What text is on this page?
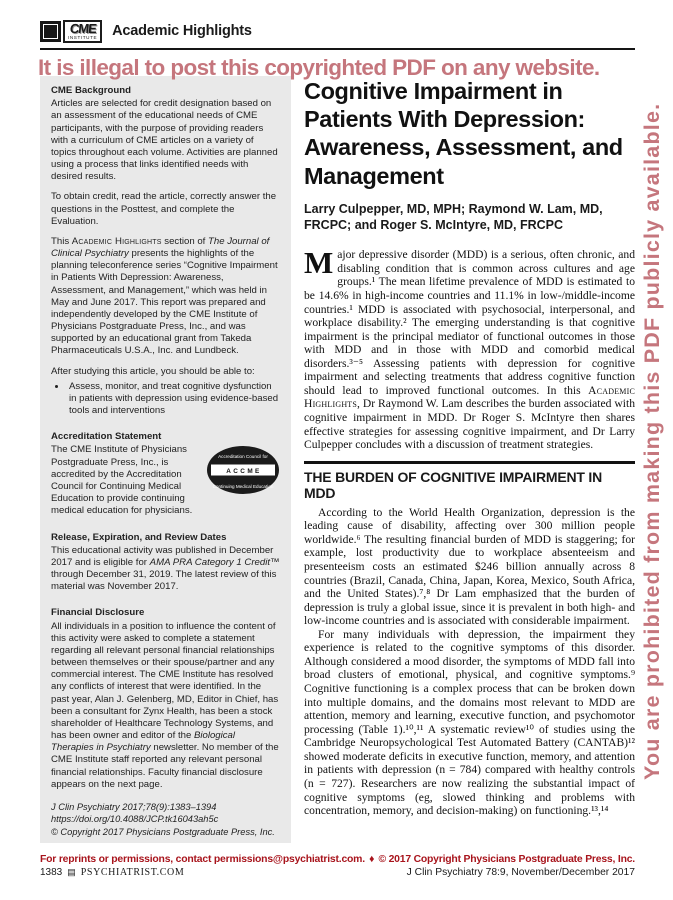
CME
INSTITUTE Academic Highlights
It is illegal to post this copyrighted PDF on any website.
CME Background

Articles are selected for credit designation based on an assessment of the educational needs of CME participants, with the purpose of providing readers with a curriculum of CME articles on a variety of topics throughout each volume. Activities are planned using a process that links identified needs with desired results.

To obtain credit, read the article, correctly answer the questions in the Posttest, and complete the Evaluation.

This Academic Highlights section of The Journal of Clinical Psychiatry presents the highlights of the planning teleconference series “Cognitive Impairment in Patients With Depression: Awareness, Assessment, and Management,” which was held in May and June 2017. This report was prepared and independently developed by the CME Institute of Physicians Postgraduate Press, Inc., and was supported by an educational grant from Takeda Pharmaceuticals U.S.A., Inc. and Lundbeck.

After studying this article, you should be able to:

• Assess, monitor, and treat cognitive dysfunction in patients with depression using evidence-based tools and interventions
Accreditation Statement
Accreditation Council for
ACCME
Continuing Medical Education
The CME Institute of Physicians Postgraduate Press, Inc., is accredited by the Accreditation Council for Continuing Medical Education to provide continuing medical education for physicians.
Release, Expiration, and Review Dates

This educational activity was published in December 2017 and is eligible for AMA PRA Category 1 Credit™ through December 31, 2019. The latest review of this material was November 2017.

Financial Disclosure

All individuals in a position to influence the content of this activity were asked to complete a statement regarding all relevant personal financial relationships between themselves or their spouse/partner and any commercial interest. The CME Institute has resolved any conflicts of interest that were identified. In the past year, Alan J. Gelenberg, MD, Editor in Chief, has been a consultant for Zynx Health, has been a stock shareholder of Healthcare Technology Systems, and has been owner and editor of the Biological Therapies in Psychiatry newsletter. No member of the CME Institute staff reported any relevant personal financial relationships. Faculty financial disclosure appears on the next page.

J Clin Psychiatry 2017;78(9):1383–1394
https://doi.org/10.4088/JCP.tk16043ah5c
© Copyright 2017 Physicians Postgraduate Press, Inc.
Cognitive Impairment in Patients With Depression: Awareness, Assessment, and Management
Larry Culpepper, MD, MPH; Raymond W. Lam, MD, FRCPC; and Roger S. McIntyre, MD, FRCPC

Major depressive disorder (MDD) is a serious, often chronic, and disabling condition that is common across cultures and age groups.¹ The mean lifetime prevalence of MDD is estimated to be 14.6% in high-income countries and 11.1% in low-/middle-income countries.¹ MDD is associated with psychosocial, interpersonal, and workplace disability.² The emerging understanding is that cognitive impairment is the principal mediator of functional outcomes in those with MDD and in those with MDD and comorbid medical disorders.³⁻⁵ Assessing patients with depression for cognitive impairment and selecting treatments that address cognitive function should lead to improved functional outcomes. In this Academic Highlights, Dr Raymond W. Lam describes the burden associated with cognitive impairment in MDD. Dr Roger S. McIntyre then shares effective strategies for assessing cognitive impairment, and Dr Larry Culpepper concludes with a discussion of treatment strategies.

THE BURDEN OF COGNITIVE IMPAIRMENT IN MDD

According to the World Health Organization, depression is the leading cause of disability, affecting over 300 million people worldwide.⁶ The resulting financial burden of MDD is staggering; for example, lost productivity due to workplace absenteeism and presenteeism costs an estimated $246 billion annually across 8 countries (Brazil, Canada, China, Japan, Korea, Mexico, South Africa, and the United States).⁷,⁸ Dr Lam emphasized that the burden of depression is truly a global issue, since it is prevalent in both high- and low-income countries and is associated with considerable impairment.

For many individuals with depression, the impairment they experience is related to the cognitive symptoms of this disorder. Although considered a mood disorder, the symptoms of MDD fall into broad clusters of emotional, physical, and cognitive symptoms.⁹ Cognitive functioning is a complex process that can be broken down into multiple domains, and the domains most relevant to MDD are attention, memory and learning, executive function, and psychomotor processing (Table 1).¹⁰,¹¹ A systematic review¹⁰ of studies using the Cambridge Neuropsychological Test Automated Battery (CANTAB)¹² showed moderate deficits in executive function, memory, and attention in patients with depression (n = 784) compared with healthy controls (n = 727). Researchers are now realizing the substantial impact of cognitive symptoms (eg, slowed thinking and problems with concentration, memory, and decision-making) on functioning.¹³,¹⁴

You are prohibited from making this PDF publicly available.
For reprints or permissions, contact permissions@psychiatrist.com. ♦ © 2017 Copyright Physicians Postgraduate Press, Inc.
1383 ▤ PSYCHIATRIST.COM	J Clin Psychiatry 78:9, November/December 2017
